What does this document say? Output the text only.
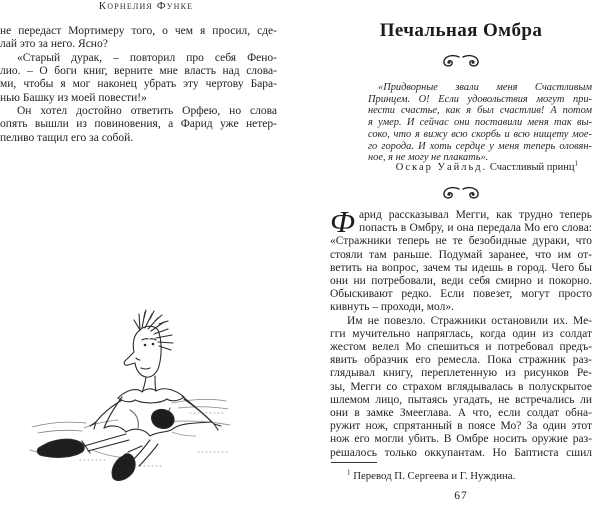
Корнелия Функе
не передаст Мортимеру того, о чем я просил, сде-
лай это за него. Ясно?
«Старый дурак, – повторил про себя Фено-
лио. – О боги книг, верните мне власть над слова-
ми, чтобы я мог наконец убрать эту чертову Бара-
нью Башку из моей повести!»
Он хотел достойно ответить Орфею, но слова
опять вышли из повиновения, а Фарид уже нетер-
пеливо тащил его за собой.
Печальная Омбра
«Придворные звали меня Счастливым
Принцем. О! Если удовольствия могут при-
нести счастье, как я был счастлив! А потом
я умер. И сейчас они поставили меня так вы-
соко, что я вижу всю скорбь и всю нищету мое-
го города. И хоть сердце у меня теперь оловян-
ное, я не могу не плакать».
Оскар Уайльд. Счастливый принц$^1$
Ф арид рассказывал Мегги, как трудно теперь
попасть в Омбру, и она передала Мо его слова:
«Стражники теперь не те безобидные дураки, что
стояли там раньше. Подумай заранее, что им от-
ветить на вопрос, зачем ты идешь в город. Чего бы
они ни потребовали, веди себя смирно и покорно.
Обыскивают редко. Если повезет, могут просто
кивнуть – проходи, мол».
Им не повезло. Стражники остановили их. Ме-
гги мучительно напряглась, когда один из солдат
жестом велел Мо спешиться и потребовал предъ-
явить образчик его ремесла. Пока стражник раз-
глядывал книгу, переплетенную из рисунков Ре-
зы, Мегги со страхом вглядывалась в полускрытое
шлемом лицо, пытаясь угадать, не встречались ли
они в замке Змееглава. А что, если солдат обна-
ружит нож, спрятанный в поясе Мо? За один этот
нож его могли убить. В Омбре носить оружие раз-
решалось только оккупантам. Но Баптиста сшил
$^1$ Перевод П. Сергеева и Г. Нуждина.
67
